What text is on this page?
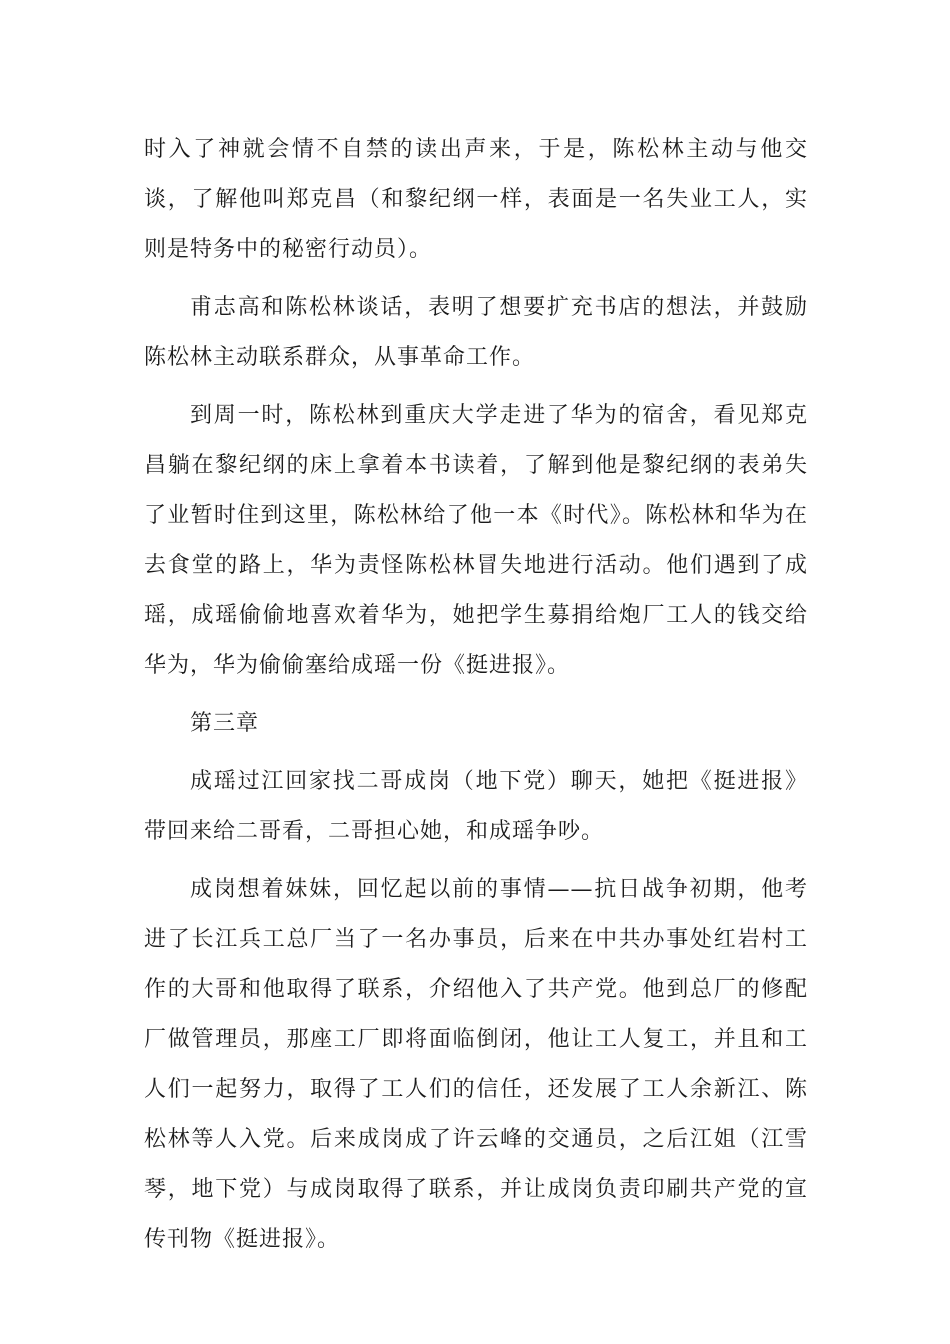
时入了神就会情不自禁的读出声来，于是，陈松林主动与他交谈，了解他叫郑克昌（和黎纪纲一样，表面是一名失业工人，实则是特务中的秘密行动员）。

甫志高和陈松林谈话，表明了想要扩充书店的想法，并鼓励陈松林主动联系群众，从事革命工作。

到周一时，陈松林到重庆大学走进了华为的宿舍，看见郑克昌躺在黎纪纲的床上拿着本书读着，了解到他是黎纪纲的表弟失了业暂时住到这里，陈松林给了他一本《时代》。陈松林和华为在去食堂的路上，华为责怪陈松林冒失地进行活动。他们遇到了成瑶，成瑶偷偷地喜欢着华为，她把学生募捐给炮厂工人的钱交给华为，华为偷偷塞给成瑶一份《挺进报》。

第三章

成瑶过江回家找二哥成岗（地下党）聊天，她把《挺进报》带回来给二哥看，二哥担心她，和成瑶争吵。

成岗想着妹妹，回忆起以前的事情——抗日战争初期，他考进了长江兵工总厂当了一名办事员，后来在中共办事处红岩村工作的大哥和他取得了联系，介绍他入了共产党。他到总厂的修配厂做管理员，那座工厂即将面临倒闭，他让工人复工，并且和工人们一起努力，取得了工人们的信任，还发展了工人余新江、陈松林等人入党。后来成岗成了许云峰的交通员，之后江姐（江雪琴，地下党）与成岗取得了联系，并让成岗负责印刷共产党的宣传刊物《挺进报》。
